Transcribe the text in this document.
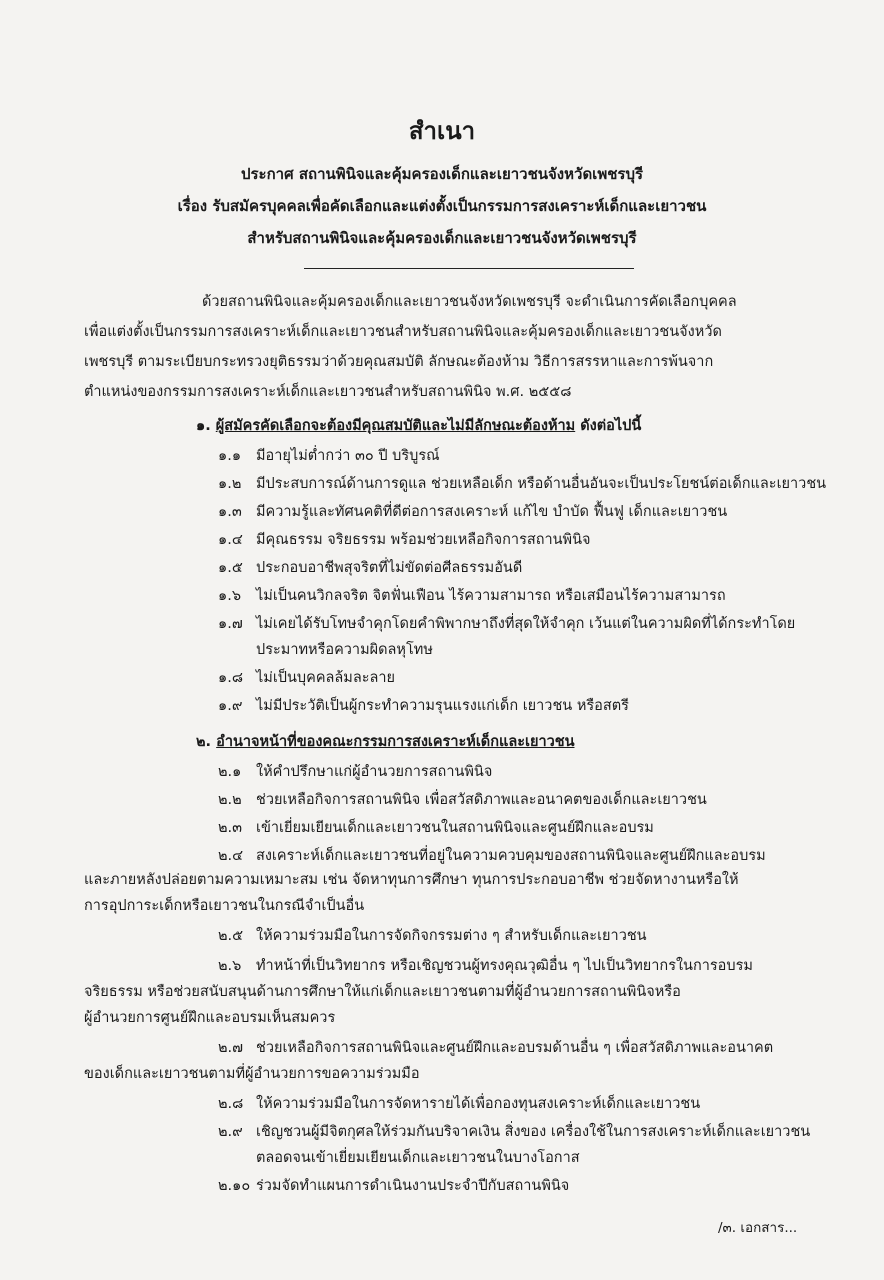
สำเนา
ประกาศ สถานพินิจและคุ้มครองเด็กและเยาวชนจังหวัดเพชรบุรี
เรื่อง รับสมัครบุคคลเพื่อคัดเลือกและแต่งตั้งเป็นกรรมการสงเคราะห์เด็กและเยาวชน
สำหรับสถานพินิจและคุ้มครองเด็กและเยาวชนจังหวัดเพชรบุรี
ด้วยสถานพินิจและคุ้มครองเด็กและเยาวชนจังหวัดเพชรบุรี จะดำเนินการคัดเลือกบุคคล
เพื่อแต่งตั้งเป็นกรรมการสงเคราะห์เด็กและเยาวชนสำหรับสถานพินิจและคุ้มครองเด็กและเยาวชนจังหวัด
เพชรบุรี ตามระเบียบกระทรวงยุติธรรมว่าด้วยคุณสมบัติ ลักษณะต้องห้าม วิธีการสรรหาและการพ้นจาก
ตำแหน่งของกรรมการสงเคราะห์เด็กและเยาวชนสำหรับสถานพินิจ พ.ศ. ๒๕๕๘
๑. ผู้สมัครคัดเลือกจะต้องมีคุณสมบัติและไม่มีลักษณะต้องห้าม ดังต่อไปนี้
๑.๑ มีอายุไม่ต่ำกว่า ๓๐ ปี บริบูรณ์
๑.๒ มีประสบการณ์ด้านการดูแล ช่วยเหลือเด็ก หรือด้านอื่นอันจะเป็นประโยชน์ต่อเด็กและเยาวชน
๑.๓ มีความรู้และทัศนคติที่ดีต่อการสงเคราะห์ แก้ไข บำบัด ฟื้นฟู เด็กและเยาวชน
๑.๔ มีคุณธรรม จริยธรรม พร้อมช่วยเหลือกิจการสถานพินิจ
๑.๕ ประกอบอาชีพสุจริตที่ไม่ขัดต่อศีลธรรมอันดี
๑.๖ ไม่เป็นคนวิกลจริต จิตฟั่นเฟือน ไร้ความสามารถ หรือเสมือนไร้ความสามารถ
๑.๗ ไม่เคยได้รับโทษจำคุกโดยคำพิพากษาถึงที่สุดให้จำคุก เว้นแต่ในความผิดที่ได้กระทำโดย
ประมาทหรือความผิดลหุโทษ
๑.๘ ไม่เป็นบุคคลล้มละลาย
๑.๙ ไม่มีประวัติเป็นผู้กระทำความรุนแรงแก่เด็ก เยาวชน หรือสตรี
๒. อำนาจหน้าที่ของคณะกรรมการสงเคราะห์เด็กและเยาวชน
๒.๑ ให้คำปรึกษาแก่ผู้อำนวยการสถานพินิจ
๒.๒ ช่วยเหลือกิจการสถานพินิจ เพื่อสวัสดิภาพและอนาคตของเด็กและเยาวชน
๒.๓ เข้าเยี่ยมเยียนเด็กและเยาวชนในสถานพินิจและศูนย์ฝึกและอบรม
๒.๔ สงเคราะห์เด็กและเยาวชนที่อยู่ในความควบคุมของสถานพินิจและศูนย์ฝึกและอบรม
และภายหลังปล่อยตามความเหมาะสม เช่น จัดหาทุนการศึกษา ทุนการประกอบอาชีพ ช่วยจัดหางานหรือให้
การอุปการะเด็กหรือเยาวชนในกรณีจำเป็นอื่น
๒.๕ ให้ความร่วมมือในการจัดกิจกรรมต่าง ๆ สำหรับเด็กและเยาวชน
๒.๖ ทำหน้าที่เป็นวิทยากร หรือเชิญชวนผู้ทรงคุณวุฒิอื่น ๆ ไปเป็นวิทยากรในการอบรม
จริยธรรม หรือช่วยสนับสนุนด้านการศึกษาให้แก่เด็กและเยาวชนตามที่ผู้อำนวยการสถานพินิจหรือ
ผู้อำนวยการศูนย์ฝึกและอบรมเห็นสมควร
๒.๗ ช่วยเหลือกิจการสถานพินิจและศูนย์ฝึกและอบรมด้านอื่น ๆ เพื่อสวัสดิภาพและอนาคต
ของเด็กและเยาวชนตามที่ผู้อำนวยการขอความร่วมมือ
๒.๘ ให้ความร่วมมือในการจัดหารายได้เพื่อกองทุนสงเคราะห์เด็กและเยาวชน
๒.๙ เชิญชวนผู้มีจิตกุศลให้ร่วมกันบริจาคเงิน สิ่งของ เครื่องใช้ในการสงเคราะห์เด็กและเยาวชน
ตลอดจนเข้าเยี่ยมเยียนเด็กและเยาวชนในบางโอกาส
๒.๑๐ ร่วมจัดทำแผนการดำเนินงานประจำปีกับสถานพินิจ
/๓. เอกสาร...
